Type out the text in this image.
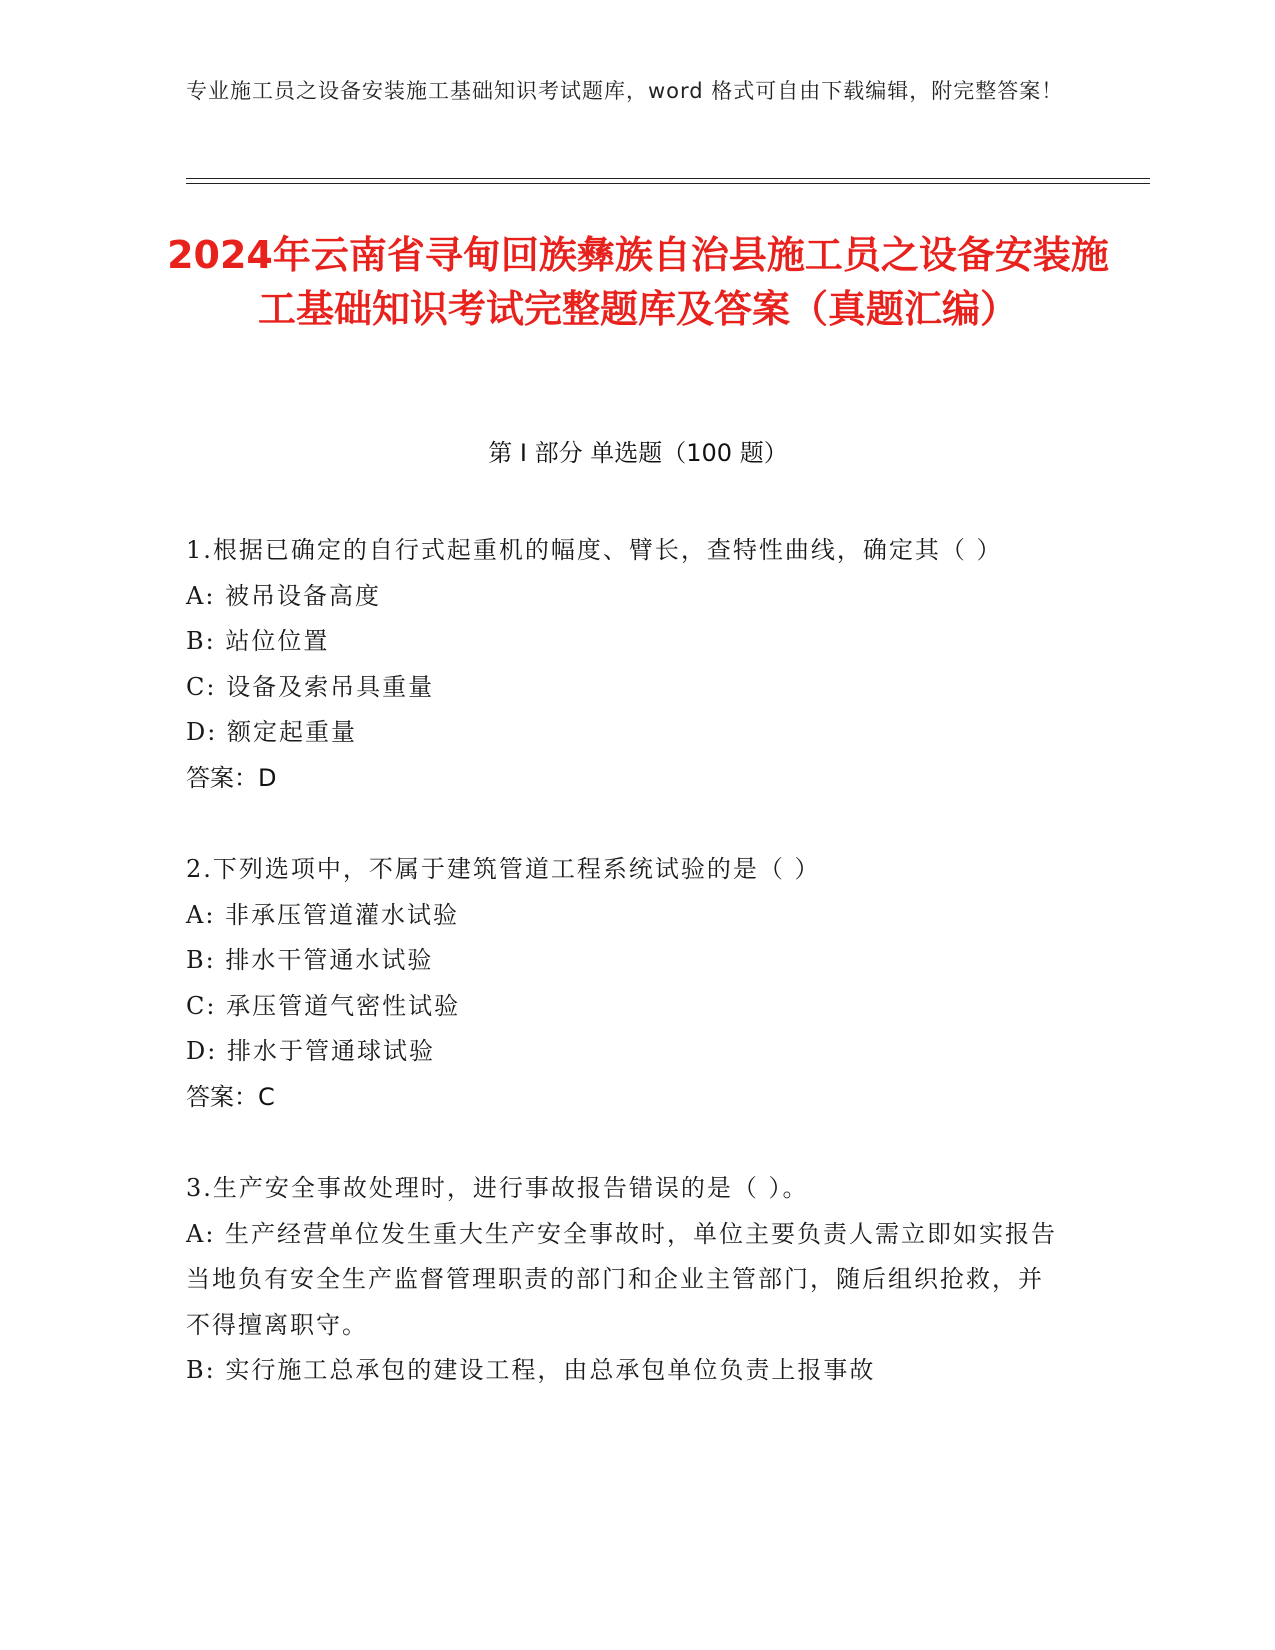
专业施工员之设备安装施工基础知识考试题库，word 格式可自由下载编辑，附完整答案！
2024年云南省寻甸回族彝族自治县施工员之设备安装施工基础知识考试完整题库及答案（真题汇编）
第 I 部分 单选题（100 题）
1.根据已确定的自行式起重机的幅度、臂长，查特性曲线，确定其（ ）
A: 被吊设备高度
B: 站位位置
C: 设备及索吊具重量
D: 额定起重量
答案：D
2.下列选项中，不属于建筑管道工程系统试验的是（ ）
A: 非承压管道灌水试验
B: 排水干管通水试验
C: 承压管道气密性试验
D: 排水于管通球试验
答案：C
3.生产安全事故处理时，进行事故报告错误的是（ ）。
A: 生产经营单位发生重大生产安全事故时，单位主要负责人需立即如实报告当地负有安全生产监督管理职责的部门和企业主管部门，随后组织抢救，并不得擅离职守。
B: 实行施工总承包的建设工程，由总承包单位负责上报事故
